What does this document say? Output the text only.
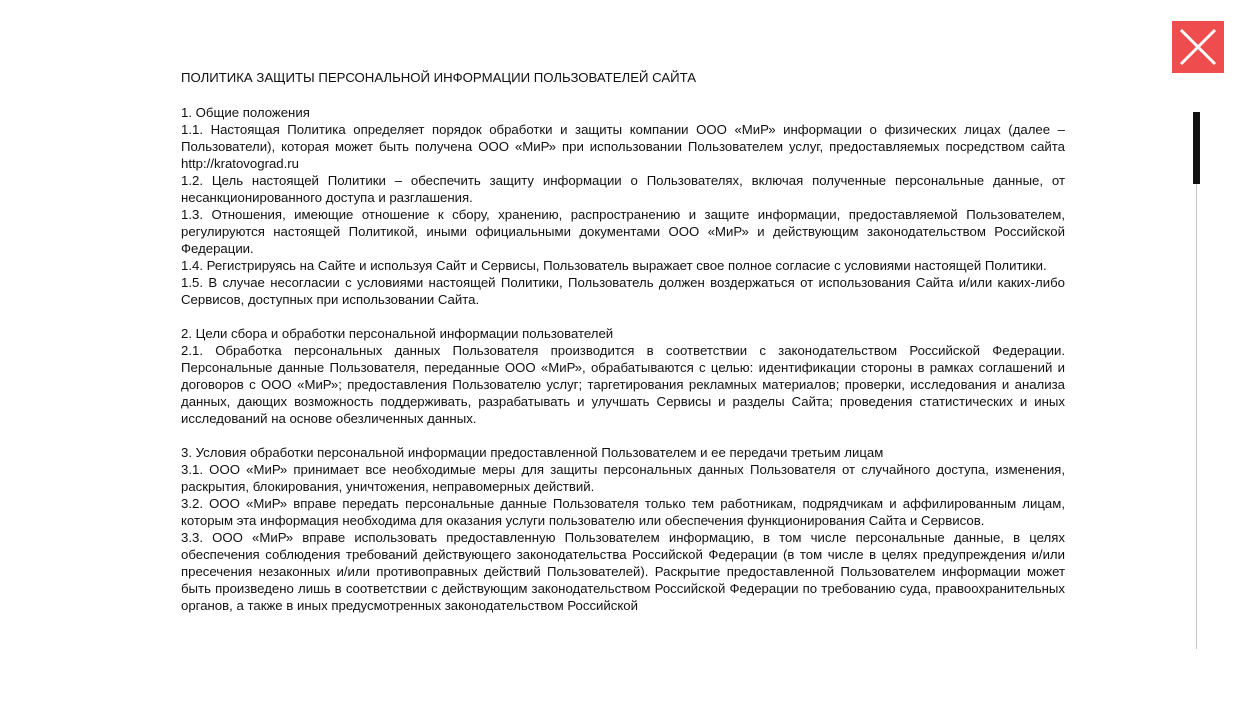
ПОЛИТИКА ЗАЩИТЫ ПЕРСОНАЛЬНОЙ ИНФОРМАЦИИ ПОЛЬЗОВАТЕЛЕЙ САЙТА
1. Общие положения
1.1. Настоящая Политика определяет порядок обработки и защиты компании ООО «МиР» информации о физических лицах (далее – Пользователи), которая может быть получена ООО «МиР» при использовании Пользователем услуг, предоставляемых посредством сайта http://kratovograd.ru
1.2. Цель настоящей Политики – обеспечить защиту информации о Пользователях, включая полученные персональные данные, от несанкционированного доступа и разглашения.
1.3. Отношения, имеющие отношение к сбору, хранению, распространению и защите информации, предоставляемой Пользователем, регулируются настоящей Политикой, иными официальными документами ООО «МиР» и действующим законодательством Российской Федерации.
1.4. Регистрируясь на Сайте и используя Сайт и Сервисы, Пользователь выражает свое полное согласие с условиями настоящей Политики.
1.5. В случае несогласии с условиями настоящей Политики, Пользователь должен воздержаться от использования Сайта и/или каких-либо Сервисов, доступных при использовании Сайта.
2. Цели сбора и обработки персональной информации пользователей
2.1. Обработка персональных данных Пользователя производится в соответствии с законодательством Российской Федерации. Персональные данные Пользователя, переданные ООО «МиР», обрабатываются с целью: идентификации стороны в рамках соглашений и договоров с ООО «МиР»; предоставления Пользователю услуг; таргетирования рекламных материалов; проверки, исследования и анализа данных, дающих возможность поддерживать, разрабатывать и улучшать Сервисы и разделы Сайта; проведения статистических и иных исследований на основе обезличенных данных.
3. Условия обработки персональной информации предоставленной Пользователем и ее передачи третьим лицам
3.1. ООО «МиР» принимает все необходимые меры для защиты персональных данных Пользователя от случайного доступа, изменения, раскрытия, блокирования, уничтожения, неправомерных действий.
3.2. ООО «МиР» вправе передать персональные данные Пользователя только тем работникам, подрядчикам и аффилированным лицам, которым эта информация необходима для оказания услуги пользователю или обеспечения функционирования Сайта и Сервисов.
3.3. ООО «МиР» вправе использовать предоставленную Пользователем информацию, в том числе персональные данные, в целях обеспечения соблюдения требований действующего законодательства Российской Федерации (в том числе в целях предупреждения и/или пресечения незаконных и/или противоправных действий Пользователей). Раскрытие предоставленной Пользователем информации может быть произведено лишь в соответствии с действующим законодательством Российской Федерации по требованию суда, правоохранительных органов, а также в иных предусмотренных законодательством Российской
